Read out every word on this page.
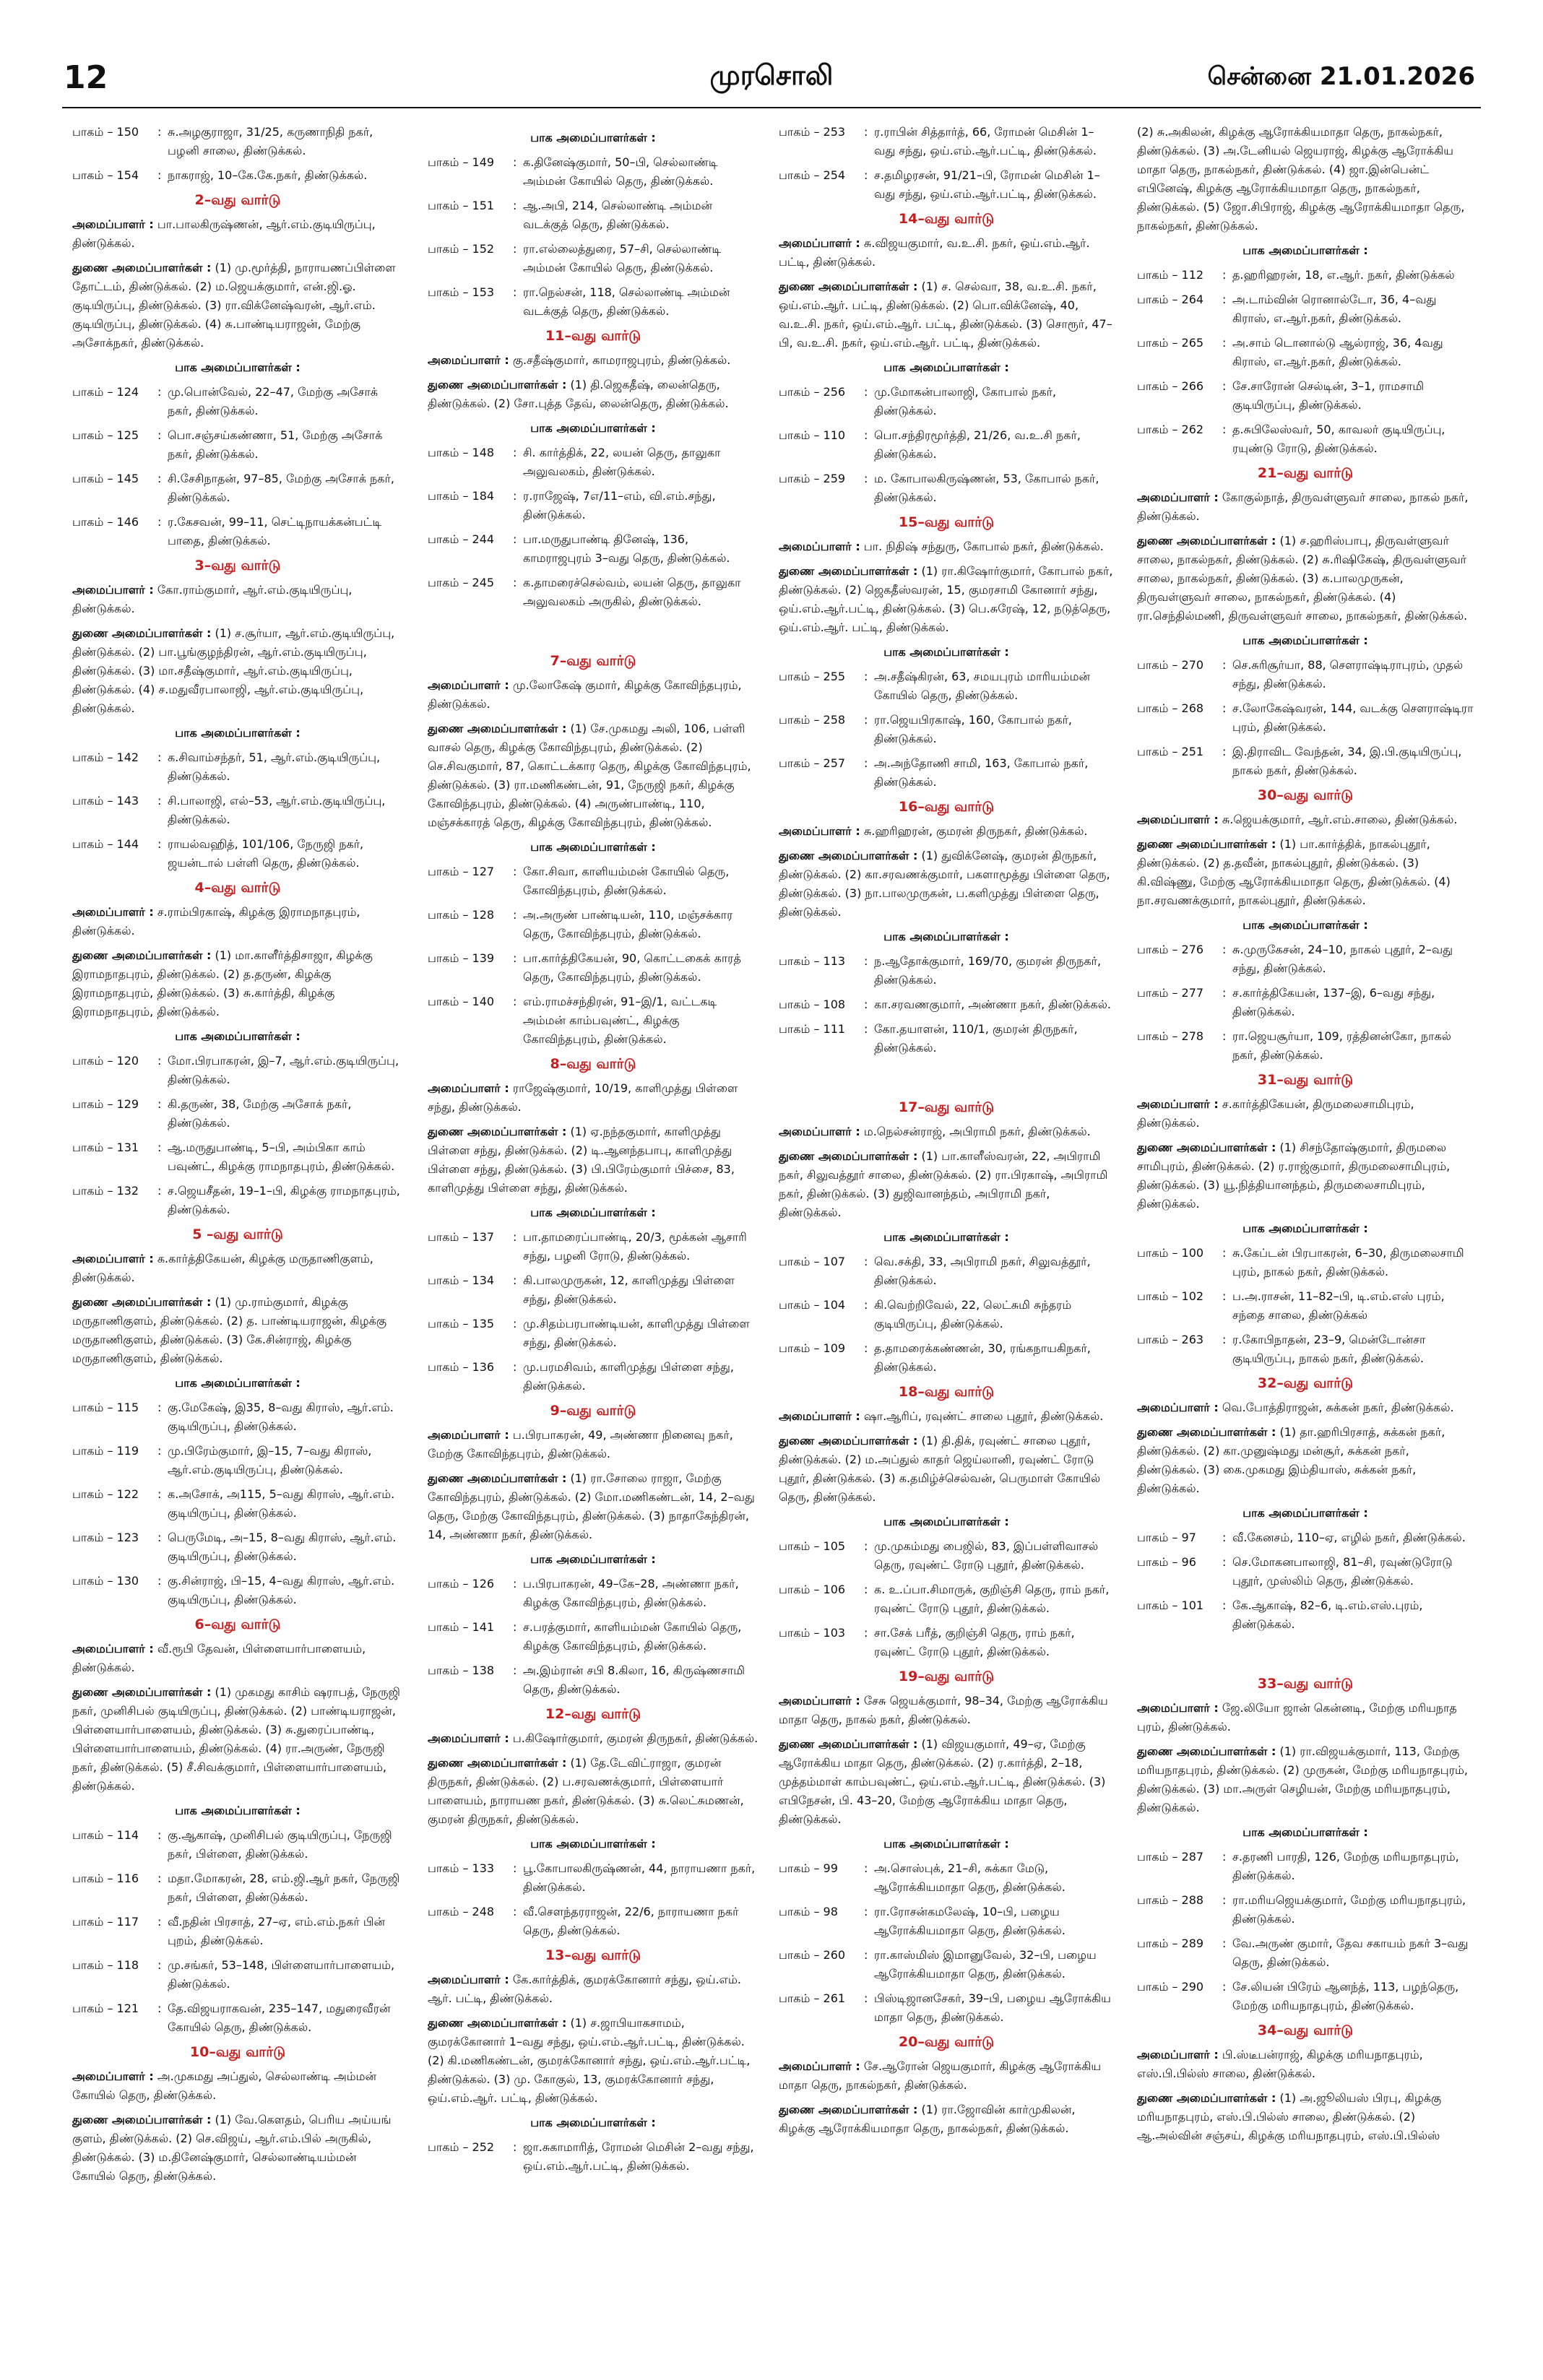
12	முரசொலி	சென்னை 21.01.2026
பாகம் – 150	: சு.அழகுராஜா, 31/25, கருணாநிதி நகர், பழனி சாலை, திண்டுக்கல்.
பாகம் – 154	: நாகராஜ், 10–கே.கே.நகர், திண்டுக்கல்.
2–வது வார்டு

அமைப்பாளர் : பா.பாலகிருஷ்ணன், ஆர்.எம்.குடியிருப்பு, திண்டுக்கல்.

துணை அமைப்பாளர்கள் : (1) மு.மூர்த்தி, நாராயணப்பிள்ளை தோட்டம், திண்டுக்கல். (2) ம.ஜெயக்குமார், என்.ஜி.ஓ. குடியிருப்பு, திண்டுக்கல். (3) ரா.விக்னேஷ்வரன், ஆர்.எம். குடியிருப்பு, திண்டுக்கல். (4) சு.பாண்டியராஜன், மேற்கு அசோக்நகர், திண்டுக்கல்.

பாக அமைப்பாளர்கள் :
பாகம் – 124	: மு.பொன்வேல், 22–47, மேற்கு அசோக் நகர், திண்டுக்கல்.
பாகம் – 125	: பொ.சஞ்சய்கண்ணா, 51, மேற்கு அசோக் நகர், திண்டுக்கல்.
பாகம் – 145	: சி.சேசிநாதன், 97–85, மேற்கு அசோக் நகர், திண்டுக்கல்.
பாகம் – 146	: ர.கேசவன், 99–11, செட்டிநாயக்கன்பட்டி பாதை, திண்டுக்கல்.
3–வது வார்டு

அமைப்பாளர் : கோ.ராம்குமார், ஆர்.எம்.குடியிருப்பு, திண்டுக்கல்.

துணை அமைப்பாளர்கள் : (1) ச.சூர்யா, ஆர்.எம்.குடியிருப்பு, திண்டுக்கல். (2) பா.பூங்குழந்திரன், ஆர்.எம்.குடியிருப்பு, திண்டுக்கல். (3) மா.சதீஷ்குமார், ஆர்.எம்.குடியிருப்பு, திண்டுக்கல். (4) ச.மதுவீரபாலாஜி, ஆர்.எம்.குடியிருப்பு, திண்டுக்கல்.

பாக அமைப்பாளர்கள் :
பாகம் – 142	: க.சிவாம்சந்தர், 51, ஆர்.எம்.குடியிருப்பு, திண்டுக்கல்.
பாகம் – 143	: சி.பாலாஜி, எல்–53, ஆர்.எம்.குடியிருப்பு, திண்டுக்கல்.
பாகம் – 144	: ராயல்வஹித், 101/106, நேருஜி நகர், ஜயன்டால் பள்ளி தெரு, திண்டுக்கல்.
4–வது வார்டு

அமைப்பாளர் : ச.ராம்பிரகாஷ், கிழக்கு இராமநாதபுரம், திண்டுக்கல்.

துணை அமைப்பாளர்கள் : (1) மா.காளீர்த்திசாஜா, கிழக்கு இராமநாதபுரம், திண்டுக்கல். (2) த.தருண், கிழக்கு இராமநாதபுரம், திண்டுக்கல். (3) சு.கார்த்தி, கிழக்கு இராமநாதபுரம், திண்டுக்கல்.

பாக அமைப்பாளர்கள் :
பாகம் – 120	: மோ.பிரபாகரன், இ–7, ஆர்.எம்.குடியிருப்பு, திண்டுக்கல்.
பாகம் – 129	: கி.தருண், 38, மேற்கு அசோக் நகர், திண்டுக்கல்.
பாகம் – 131	: ஆ.மருதுபாண்டி, 5–பி, அம்பிகா காம் பவுண்ட், கிழக்கு ராமநாதபுரம், திண்டுக்கல்.
பாகம் – 132	: ச.ஜெயசீதன், 19–1–பி, கிழக்கு ராமநாதபுரம், திண்டுக்கல்.
5 –வது வார்டு

அமைப்பாளர் : க.கார்த்திகேயன், கிழக்கு மருதாணிகுளம், திண்டுக்கல்.

துணை அமைப்பாளர்கள் : (1) மு.ராம்குமார், கிழக்கு மருதாணிகுளம், திண்டுக்கல். (2) த. பாண்டியராஜன், கிழக்கு மருதாணிகுளம், திண்டுக்கல். (3) கே.சின்ராஜ், கிழக்கு மருதாணிகுளம், திண்டுக்கல்.

பாக அமைப்பாளர்கள் :
பாகம் – 115	: கு.மேகேஷ், இ35, 8–வது கிராஸ், ஆர்.எம். குடியிருப்பு, திண்டுக்கல்.
பாகம் – 119	: மு.பிரேம்குமார், இ–15, 7–வது கிராஸ், ஆர்.எம்.குடியிருப்பு, திண்டுக்கல்.
பாகம் – 122	: க.அசோக், அ115, 5–வது கிராஸ், ஆர்.எம். குடியிருப்பு, திண்டுக்கல்.
பாகம் – 123	: பெருமேடி, அ–15, 8–வது கிராஸ், ஆர்.எம். குடியிருப்பு, திண்டுக்கல்.
பாகம் – 130	: கு.சின்ராஜ், பி–15, 4–வது கிராஸ், ஆர்.எம். குடியிருப்பு, திண்டுக்கல்.
6–வது வார்டு

அமைப்பாளர் : வீ.ரூபி தேவன், பிள்ளையார்பாளையம், திண்டுக்கல்.

துணை அமைப்பாளர்கள் : (1) முகமது காசிம் ஷராபத், நேருஜி நகர், முனிசிபல் குடியிருப்பு, திண்டுக்கல். (2) பாண்டியராஜன், பிள்ளையார்பாளையம், திண்டுக்கல். (3) சு.துரைப்பாண்டி, பிள்ளையார்பாளையம், திண்டுக்கல். (4) ரா.அருண், நேருஜி நகர், திண்டுக்கல். (5) சீ.சிவக்குமார், பிள்ளையார்பாளையம், திண்டுக்கல்.

பாக அமைப்பாளர்கள் :
பாகம் – 114	: கு.ஆகாஷ், முனிசிபல் குடியிருப்பு, நேருஜி நகர், பிள்ளை, திண்டுக்கல்.
பாகம் – 116	: மதா.மோகரன், 28, எம்.ஜி.ஆர் நகர், நேருஜி நகர், பிள்ளை, திண்டுக்கல்.
பாகம் – 117	: வீ.நதின் பிரசாத், 27–ஏ, எம்.எம்.நகர் பின் புறம், திண்டுக்கல்.
பாகம் – 118	: மு.சங்கர், 53–148, பிள்ளையார்பாளையம், திண்டுக்கல்.
பாகம் – 121	: தே.விஜயராகவன், 235–147, மதுரைவீரன் கோயில் தெரு, திண்டுக்கல்.
10–வது வார்டு

அமைப்பாளர் : அ.முகமது அப்துல், செல்லாண்டி அம்மன் கோயில் தெரு, திண்டுக்கல்.

துணை அமைப்பாளர்கள் : (1) வே.கௌதம், பெரிய அய்யங் குளம், திண்டுக்கல். (2) செ.விஜய், ஆர்.எம்.பில் அருகில், திண்டுக்கல். (3) ம.தினேஷ்குமார், செல்லாண்டியம்மன் கோயில் தெரு, திண்டுக்கல்.

பாக அமைப்பாளர்கள் :
பாகம் – 149	: க.தினேஷ்குமார், 50–பி, செல்லாண்டி அம்மன் கோயில் தெரு, திண்டுக்கல்.
பாகம் – 151	: ஆ.அபி, 214, செல்லாண்டி அம்மன் வடக்குத் தெரு, திண்டுக்கல்.
பாகம் – 152	: ரா.எல்லைத்துரை, 57–சி, செல்லாண்டி அம்மன் கோயில் தெரு, திண்டுக்கல்.
பாகம் – 153	: ரா.நெல்சன், 118, செல்லாண்டி அம்மன் வடக்குத் தெரு, திண்டுக்கல்.
11–வது வார்டு

அமைப்பாளர் : கு.சதீஷ்குமார், காமராஜபுரம், திண்டுக்கல்.

துணை அமைப்பாளர்கள் : (1) தி.ஜெகதீஷ், லைன்தெரு, திண்டுக்கல். (2) சோ.புத்த தேவ், லைன்தெரு, திண்டுக்கல்.

பாக அமைப்பாளர்கள் :
பாகம் – 148	: சி. கார்த்திக், 22, லயன் தெரு, தாலுகா அலுவலகம், திண்டுக்கல்.
பாகம் – 184	: ர.ராஜேஷ், 7எ/11–எம், வி.எம்.சந்து, திண்டுக்கல்.
பாகம் – 244	: பா.மருதுபாண்டி தினேஷ், 136, காமராஜபுரம் 3–வது தெரு, திண்டுக்கல்.
பாகம் – 245	: க.தாமரைச்செல்வம், லயன் தெரு, தாலுகா அலுவலகம் அருகில், திண்டுக்கல்.
7–வது வார்டு

அமைப்பாளர் : மு.லோகேஷ் குமார், கிழக்கு கோவிந்தபுரம், திண்டுக்கல்.

துணை அமைப்பாளர்கள் : (1) சே.முகமது அலி, 106, பள்ளி வாசல் தெரு, கிழக்கு கோவிந்தபுரம், திண்டுக்கல். (2) செ.சிவகுமார், 87, கொட்டக்கார தெரு, கிழக்கு கோவிந்தபுரம், திண்டுக்கல். (3) ரா.மணிகண்டன், 91, நேருஜி நகர், கிழக்கு கோவிந்தபுரம், திண்டுக்கல். (4) அருண்பாண்டி, 110, மஞ்சக்காரத் தெரு, கிழக்கு கோவிந்தபுரம், திண்டுக்கல்.

பாக அமைப்பாளர்கள் :
பாகம் – 127	: கோ.சிவா, காளியம்மன் கோயில் தெரு, கோவிந்தபுரம், திண்டுக்கல்.
பாகம் – 128	: அ.அருண் பாண்டியன், 110, மஞ்சக்கார தெரு, கோவிந்தபுரம், திண்டுக்கல்.
பாகம் – 139	: பா.கார்த்திகேயன், 90, கொட்டகைக் காரத் தெரு, கோவிந்தபுரம், திண்டுக்கல்.
பாகம் – 140	: எம்.ராமச்சந்திரன், 91–இ/1, வட்டகடி அம்மன் காம்பவுண்ட், கிழக்கு கோவிந்தபுரம், திண்டுக்கல்.
8–வது வார்டு

அமைப்பாளர் : ராஜேஷ்குமார், 10/19, காளிமுத்து பிள்ளை சந்து, திண்டுக்கல்.

துணை அமைப்பாளர்கள் : (1) ஏ.நந்தகுமார், காளிமுத்து பிள்ளை சந்து, திண்டுக்கல். (2) டி.ஆனந்தபாபு, காளிமுத்து பிள்ளை சந்து, திண்டுக்கல். (3) பி.பிரேம்குமார் பிச்சை, 83, காளிமுத்து பிள்ளை சந்து, திண்டுக்கல்.

பாக அமைப்பாளர்கள் :
பாகம் – 137	: பா.தாமரைப்பாண்டி, 20/3, மூக்கன் ஆசாரி சந்து, பழனி ரோடு, திண்டுக்கல்.
பாகம் – 134	: கி.பாலமுருகன், 12, காளிமுத்து பிள்ளை சந்து, திண்டுக்கல்.
பாகம் – 135	: மு.சிதம்பரபாண்டியன், காளிமுத்து பிள்ளை சந்து, திண்டுக்கல்.
பாகம் – 136	: மு.பரமசிவம், காளிமுத்து பிள்ளை சந்து, திண்டுக்கல்.
9–வது வார்டு

அமைப்பாளர் : ப.பிரபாகரன், 49, அண்ணா நினைவு நகர், மேற்கு கோவிந்தபுரம், திண்டுக்கல்.

துணை அமைப்பாளர்கள் : (1) ரா.சோலை ராஜா, மேற்கு கோவிந்தபுரம், திண்டுக்கல். (2) மோ.மணிகண்டன், 14, 2–வது தெரு, மேற்கு கோவிந்தபுரம், திண்டுக்கல். (3) நாதாகேந்திரன், 14, அண்ணா நகர், திண்டுக்கல்.

பாக அமைப்பாளர்கள் :
பாகம் – 126	: ப.பிரபாகரன், 49–கே–28, அண்ணா நகர், கிழக்கு கோவிந்தபுரம், திண்டுக்கல்.
பாகம் – 141	: ச.பரத்குமார், காளியம்மன் கோயில் தெரு, கிழக்கு கோவிந்தபுரம், திண்டுக்கல்.
பாகம் – 138	: அ.இம்ரான் சபி 8.கிலா, 16, கிருஷ்ணசாமி தெரு, திண்டுக்கல்.
12–வது வார்டு

அமைப்பாளர் : ப.கிஷோர்குமார், குமரன் திருநகர், திண்டுக்கல்.

துணை அமைப்பாளர்கள் : (1) தே.டேவிட்ராஜா, குமரன் திருநகர், திண்டுக்கல். (2) ப.சரவணக்குமார், பிள்ளையார் பாளையம், நாராயண நகர், திண்டுக்கல். (3) சு.லெட்சுமணன், குமரன் திருநகர், திண்டுக்கல்.

பாக அமைப்பாளர்கள் :
பாகம் – 133	: பூ.கோபாலகிருஷ்ணன், 44, நாராயணா நகர், திண்டுக்கல்.
பாகம் – 248	: வீ.சௌந்தரராஜன், 22/6, நாராயணா நகர் தெரு, திண்டுக்கல்.
13–வது வார்டு

அமைப்பாளர் : கே.கார்த்திக், குமரக்கோனார் சந்து, ஒய்.எம். ஆர். பட்டி, திண்டுக்கல்.

துணை அமைப்பாளர்கள் : (1) ச.ஜாபியாகசாமம், குமரக்கோனார் 1–வது சந்து, ஒய்.எம்.ஆர்.பட்டி, திண்டுக்கல். (2) கி.மணிகண்டன், குமரக்கோனார் சந்து, ஒய்.எம்.ஆர்.பட்டி, திண்டுக்கல். (3) மு. கோகுல், 13, குமரக்கோனார் சந்து, ஒய்.எம்.ஆர். பட்டி, திண்டுக்கல்.

பாக அமைப்பாளர்கள் :
பாகம் – 252	: ஜா.சுகாமாரித், ரோமன் மெசின் 2–வது சந்து, ஒய்.எம்.ஆர்.பட்டி, திண்டுக்கல்.
பாகம் – 253	: ர.ராபின் சித்தார்த், 66, ரோமன் மெசின் 1–வது சந்து, ஒய்.எம்.ஆர்.பட்டி, திண்டுக்கல்.
பாகம் – 254	: ச.தமிழரசன், 91/21–பி, ரோமன் மெசின் 1–வது சந்து, ஒய்.எம்.ஆர்.பட்டி, திண்டுக்கல்.
14–வது வார்டு

அமைப்பாளர் : சு.விஜயகுமார், வ.உ.சி. நகர், ஒய்.எம்.ஆர். பட்டி, திண்டுக்கல்.

துணை அமைப்பாளர்கள் : (1) ச. செல்வா, 38, வ.உ.சி. நகர், ஒய்.எம்.ஆர். பட்டி, திண்டுக்கல். (2) பொ.விக்னேஷ், 40, வ.உ.சி. நகர், ஒய்.எம்.ஆர். பட்டி, திண்டுக்கல். (3) சொரூர், 47–பி, வ.உ.சி. நகர், ஒய்.எம்.ஆர். பட்டி, திண்டுக்கல்.

பாக அமைப்பாளர்கள் :
பாகம் – 256	: மு.மோகன்பாலாஜி, கோபால் நகர், திண்டுக்கல்.
பாகம் – 110	: பொ.சந்திரமூர்த்தி, 21/26, வ.உ.சி நகர், திண்டுக்கல்.
பாகம் – 259	: ம. கோபாலகிருஷ்ணன், 53, கோபால் நகர், திண்டுக்கல்.
15–வது வார்டு

அமைப்பாளர் : பா. நிதிஷ் சந்துரு, கோபால் நகர், திண்டுக்கல்.

துணை அமைப்பாளர்கள் : (1) ரா.கிஷோர்குமார், கோபால் நகர், திண்டுக்கல். (2) ஜெகதீஸ்வரன், 15, குமரசாமி கோனார் சந்து, ஒய்.எம்.ஆர்.பட்டி, திண்டுக்கல். (3) பெ.சுரேஷ், 12, நடுத்தெரு, ஒய்.எம்.ஆர். பட்டி, திண்டுக்கல்.

பாக அமைப்பாளர்கள் :
பாகம் – 255	: அ.சதீஷ்கிரன், 63, சமயபுரம் மாரியம்மன் கோயில் தெரு, திண்டுக்கல்.
பாகம் – 258	: ரா.ஜெயபிரகாஷ், 160, கோபால் நகர், திண்டுக்கல்.
பாகம் – 257	: அ.அந்தோணி சாமி, 163, கோபால் நகர், திண்டுக்கல்.
16–வது வார்டு

அமைப்பாளர் : சு.ஹரிஹரன், குமரன் திருநகர், திண்டுக்கல்.

துணை அமைப்பாளர்கள் : (1) துவிக்னேஷ், குமரன் திருநகர், திண்டுக்கல். (2) கா.சரவணக்குமார், பகளாமூத்து பிள்ளை தெரு, திண்டுக்கல். (3) நா.பாலமுருகன், ப.களிமுத்து பிள்ளை தெரு, திண்டுக்கல்.

பாக அமைப்பாளர்கள் :
பாகம் – 113	: ந.ஆதோக்குமார், 169/70, குமரன் திருநகர், திண்டுக்கல்.
பாகம் – 108	: கா.சரவணகுமார், அண்ணா நகர், திண்டுக்கல்.
பாகம் – 111	: கோ.தயாளன், 110/1, குமரன் திருநகர், திண்டுக்கல்.
17–வது வார்டு

அமைப்பாளர் : ம.நெல்சன்ராஜ், அபிராமி நகர், திண்டுக்கல்.

துணை அமைப்பாளர்கள் : (1) பா.காளீஸ்வரன், 22, அபிராமி நகர், சிலுவத்தூர் சாலை, திண்டுக்கல். (2) ரா.பிரகாஷ், அபிராமி நகர், திண்டுக்கல். (3) துஜிவானந்தம், அபிராமி நகர், திண்டுக்கல்.

பாக அமைப்பாளர்கள் :
பாகம் – 107	: வெ.சக்தி, 33, அபிராமி நகர், சிலுவத்தூர், திண்டுக்கல்.
பாகம் – 104	: கி.வெற்றிவேல், 22, லெட்சுமி சுந்தரம் குடியிருப்பு, திண்டுக்கல்.
பாகம் – 109	: த.தாமரைக்கண்ணன், 30, ரங்கநாயகிநகர், திண்டுக்கல்.
18–வது வார்டு

அமைப்பாளர் : ஷா.ஆரிப், ரவுண்ட் சாலை புதூர், திண்டுக்கல்.

துணை அமைப்பாளர்கள் : (1) தி.திக், ரவுண்ட் சாலை புதூர், திண்டுக்கல். (2) ம.அப்துல் காதர் ஜெய்லானி, ரவுண்ட் ரோடு புதூர், திண்டுக்கல். (3) க.தமிழ்ச்செல்வன், பெருமாள் கோயில் தெரு, திண்டுக்கல்.

பாக அமைப்பாளர்கள் :
பாகம் – 105	: மு.முகம்மது பைஜில், 83, இப்பள்ளிவாசல் தெரு, ரவுண்ட் ரோடு புதூர், திண்டுக்கல்.
பாகம் – 106	: க. உ.ப்பா.சிமாருக், குறிஞ்சி தெரு, ராம் நகர், ரவுண்ட் ரோடு புதூர், திண்டுக்கல்.
பாகம் – 103	: சா.சேக் பரீத், குறிஞ்சி தெரு, ராம் நகர், ரவுண்ட் ரோடு புதூர், திண்டுக்கல்.
19–வது வார்டு

அமைப்பாளர் : சேசு ஜெயக்குமார், 98–34, மேற்கு ஆரோக்கிய மாதா தெரு, நாகல் நகர், திண்டுக்கல்.

துணை அமைப்பாளர்கள் : (1) விஜயகுமார், 49–ஏ, மேற்கு ஆரோக்கிய மாதா தெரு, திண்டுக்கல். (2) ர.கார்த்தி, 2–18, முத்தம்மாள் காம்பவுண்ட், ஒய்.எம்.ஆர்.பட்டி, திண்டுக்கல். (3) எபிநேசன், பி. 43–20, மேற்கு ஆரோக்கிய மாதா தெரு, திண்டுக்கல்.

பாக அமைப்பாளர்கள் :
பாகம் – 99	: அ.சொஸ்புக், 21–சி, சுக்கா மேடு, ஆரோக்கியமாதா தெரு, திண்டுக்கல்.
பாகம் – 98	: ரா.ரோசன்கமலேஷ், 10–பி, பழைய ஆரோக்கியமாதா தெரு, திண்டுக்கல்.
பாகம் – 260	: ரா.காஸ்மிஸ் இமானுவேல், 32–பி, பழைய ஆரோக்கியமாதா தெரு, திண்டுக்கல்.
பாகம் – 261	: பிஸ்டிஜானசேகர், 39–பி, பழைய ஆரோக்கிய மாதா தெரு, திண்டுக்கல்.
20–வது வார்டு

அமைப்பாளர் : சே.ஆரோன் ஜெயகுமார், கிழக்கு ஆரோக்கிய மாதா தெரு, நாகல்நகர், திண்டுக்கல்.

துணை அமைப்பாளர்கள் : (1) ரா.ஜோவின் கார்முகிலன், கிழக்கு ஆரோக்கியமாதா தெரு, நாகல்நகர், திண்டுக்கல்.

(2) சு.அகிலன், கிழக்கு ஆரோக்கியமாதா தெரு, நாகல்நகர், திண்டுக்கல். (3) அ.டேனியல் ஜெயராஜ், கிழக்கு ஆரோக்கிய மாதா தெரு, நாகல்நகர், திண்டுக்கல். (4) ஜா.இன்பென்ட் எபினேஷ், கிழக்கு ஆரோக்கியமாதா தெரு, நாகல்நகர், திண்டுக்கல். (5) ஜோ.சிபிராஜ், கிழக்கு ஆரோக்கியமாதா தெரு, நாகல்நகர், திண்டுக்கல்.

பாக அமைப்பாளர்கள் :
பாகம் – 112	: த.ஹரிஹரன், 18, எ.ஆர். நகர், திண்டுக்கல்
பாகம் – 264	: அ.டாம்வின் ரொனால்டோ, 36, 4–வது கிராஸ், எ.ஆர்.நகர், திண்டுக்கல்.
பாகம் – 265	: அ.சாம் டொனால்டு ஆல்ராஜ், 36, 4வது கிராஸ், எ.ஆர்.நகர், திண்டுக்கல்.
பாகம் – 266	: சே.சாரோன் செல்டின், 3–1, ராமசாமி குடியிருப்பு, திண்டுக்கல்.
பாகம் – 262	: த.சுபிலேஸ்வர், 50, காவலர் குடியிருப்பு, ரயுண்டு ரோடு, திண்டுக்கல்.
21–வது வார்டு

அமைப்பாளர் : கோகுல்நாத், திருவள்ளுவர் சாலை, நாகல் நகர், திண்டுக்கல்.

துணை அமைப்பாளர்கள் : (1) ச.ஹரிஸ்பாபு, திருவள்ளுவர் சாலை, நாகல்நகர், திண்டுக்கல். (2) சு.ரிஷிகேஷ், திருவள்ளுவர் சாலை, நாகல்நகர், திண்டுக்கல். (3) க.பாலமுருகன், திருவள்ளுவர் சாலை, நாகல்நகர், திண்டுக்கல். (4) ரா.செந்தில்மணி, திருவள்ளுவர் சாலை, நாகல்நகர், திண்டுக்கல்.

பாக அமைப்பாளர்கள் :
பாகம் – 270	: செ.சுரிசூர்யா, 88, சௌராஷ்டிராபுரம், முதல் சந்து, திண்டுக்கல்.
பாகம் – 268	: ச.லோகேஷ்வரன், 144, வடக்கு சௌராஷ்டிரா புரம், திண்டுக்கல்.
பாகம் – 251	: இ.திராவிட வேந்தன், 34, இ.பி.குடியிருப்பு, நாகல் நகர், திண்டுக்கல்.
30–வது வார்டு

அமைப்பாளர் : சு.ஜெயக்குமார், ஆர்.எம்.சாலை, திண்டுக்கல்.

துணை அமைப்பாளர்கள் : (1) பா.கார்த்திக், நாகல்புதூர், திண்டுக்கல். (2) த.தவீன், நாகல்புதூர், திண்டுக்கல். (3) கி.விஷ்ணு, மேற்கு ஆரோக்கியமாதா தெரு, திண்டுக்கல். (4) நா.சரவணக்குமார், நாகல்புதூர், திண்டுக்கல்.

பாக அமைப்பாளர்கள் :
பாகம் – 276	: சு.முருகேசன், 24–10, நாகல் புதூர், 2–வது சந்து, திண்டுக்கல்.
பாகம் – 277	: ச.கார்த்திகேயன், 137–இ, 6–வது சந்து, திண்டுக்கல்.
பாகம் – 278	: ரா.ஜெயசூர்யா, 109, ரத்தினன்கோ, நாகல் நகர், திண்டுக்கல்.
31–வது வார்டு

அமைப்பாளர் : ச.கார்த்திகேயன், திருமலைசாமிபுரம், திண்டுக்கல்.

துணை அமைப்பாளர்கள் : (1) சிசந்தோஷ்குமார், திருமலை சாமிபுரம், திண்டுக்கல். (2) ர.ராஜ்குமார், திருமலைசாமிபுரம், திண்டுக்கல். (3) யூ.நித்தியானந்தம், திருமலைசாமிபுரம், திண்டுக்கல்.

பாக அமைப்பாளர்கள் :
பாகம் – 100	: சு.கேப்டன் பிரபாகரன், 6–30, திருமலைசாமி புரம், நாகல் நகர், திண்டுக்கல்.
பாகம் – 102	: ப.அ.ராசன், 11–82–பி, டி.எம்.எஸ் புரம், சந்தை சாலை, திண்டுக்கல்
பாகம் – 263	: ர.கோபிநாதன், 23–9, மென்டோன்சா குடியிருப்பு, நாகல் நகர், திண்டுக்கல்.
32–வது வார்டு

அமைப்பாளர் : வெ.போத்திராஜன், சுக்கன் நகர், திண்டுக்கல்.

துணை அமைப்பாளர்கள் : (1) தா.ஹரிபிரசாத், சுக்கன் நகர், திண்டுக்கல். (2) கா.முனுஷ்மது மன்சூர், சுக்கன் நகர், திண்டுக்கல். (3) கை.முகமது இம்தியாஸ், சுக்கன் நகர், திண்டுக்கல்.

பாக அமைப்பாளர்கள் :
பாகம் – 97	: வீ.கேனசம், 110–ஏ, எழில் நகர், திண்டுக்கல்.
பாகம் – 96	: செ.மோகனபாலாஜி, 81–சி, ரவுண்டுரோடு புதூர், முஸ்லிம் தெரு, திண்டுக்கல்.
பாகம் – 101	: கே.ஆகாஷ், 82–6, டி.எம்.எஸ்.புரம், திண்டுக்கல்.
33–வது வார்டு

அமைப்பாளர் : ஜே.லியோ ஜான் கென்னடி, மேற்கு மரியநாத புரம், திண்டுக்கல்.

துணை அமைப்பாளர்கள் : (1) ரா.விஜயக்குமார், 113, மேற்கு மரியநாதபுரம், திண்டுக்கல். (2) முருகன், மேற்கு மரியநாதபுரம், திண்டுக்கல். (3) மா.அருள் செழியன், மேற்கு மரியநாதபுரம், திண்டுக்கல்.

பாக அமைப்பாளர்கள் :
பாகம் – 287	: ச.தரணி பாரதி, 126, மேற்கு மரியநாதபுரம், திண்டுக்கல்.
பாகம் – 288	: ரா.மரியஜெயக்குமார், மேற்கு மரியநாதபுரம், திண்டுக்கல்.
பாகம் – 289	: வே.அருண் குமார், தேவ சகாயம் நகர் 3–வது தெரு, திண்டுக்கல்.
பாகம் – 290	: சே.லியன் பிரேம் ஆனந்த், 113, பழந்தெரு, மேற்கு மரியநாதபுரம், திண்டுக்கல்.
34–வது வார்டு

அமைப்பாளர் : பி.ஸ்டீபன்ராஜ், கிழக்கு மரியநாதபுரம், எஸ்.பி.பில்ஸ் சாலை, திண்டுக்கல்.

துணை அமைப்பாளர்கள் : (1) அ.ஜூலியஸ் பிரபு, கிழக்கு மரியநாதபுரம், எஸ்.பி.பில்ஸ் சாலை, திண்டுக்கல். (2) ஆ.அல்வின் சஞ்சய், கிழக்கு மரியநாதபுரம், எஸ்.பி.பில்ஸ்
